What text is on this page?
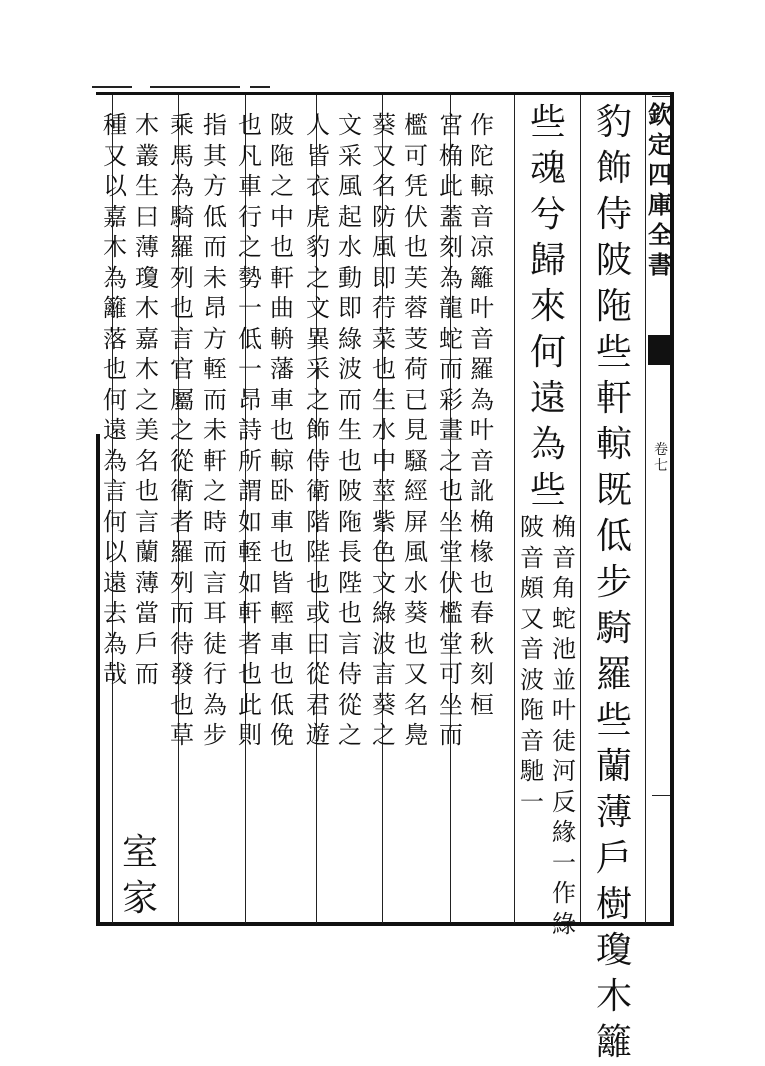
欽
定
四
庫
全
書
卷
七
豹
飾
侍
陂
陁
些
軒
輬
既
低
步
騎
羅
些
蘭
薄
戶
樹
瓊
木
籬
些
魂
兮
歸
來
何
遠
為
些
桷
音
角
蛇
池
並
叶
徒
河
反
緣
一
作
綠
陂
音
頗
又
音
波
陁
音
馳
一
作
陀
輬
音
凉
籬
叶
音
羅
為
叶
音
訛
桷
椽
也
春
秋
刻
桓
宮
桷
此
蓋
刻
為
龍
蛇
而
彩
畫
之
也
坐
堂
伏
檻
堂
可
坐
而
檻
可
凭
伏
也
芙
蓉
芰
荷
已
見
騷
經
屏
風
水
葵
也
又
名
鳧
葵
又
名
防
風
即
荇
菜
也
生
水
中
莖
紫
色
文
綠
波
言
葵
之
文
采
風
起
水
動
即
綠
波
而
生
也
陂
陁
長
陛
也
言
侍
從
之
人
皆
衣
虎
豹
之
文
異
采
之
飾
侍
衛
階
陛
也
或
曰
從
君
遊
陂
陁
之
中
也
軒
曲
輈
藩
車
也
輬
卧
車
也
皆
輕
車
也
低
俛
也
凡
車
行
之
勢
一
低
一
昂
詩
所
謂
如
輊
如
軒
者
也
此
則
指
其
方
低
而
未
昂
方
輊
而
未
軒
之
時
而
言
耳
徒
行
為
步
乘
馬
為
騎
羅
列
也
言
官
屬
之
從
衛
者
羅
列
而
待
發
也
草
木
叢
生
曰
薄
瓊
木
嘉
木
之
美
名
也
言
蘭
薄
當
戶
而
種
又
以
嘉
木
為
籬
落
也
何
遠
為
言
何
以
遠
去
為
哉
室
家
